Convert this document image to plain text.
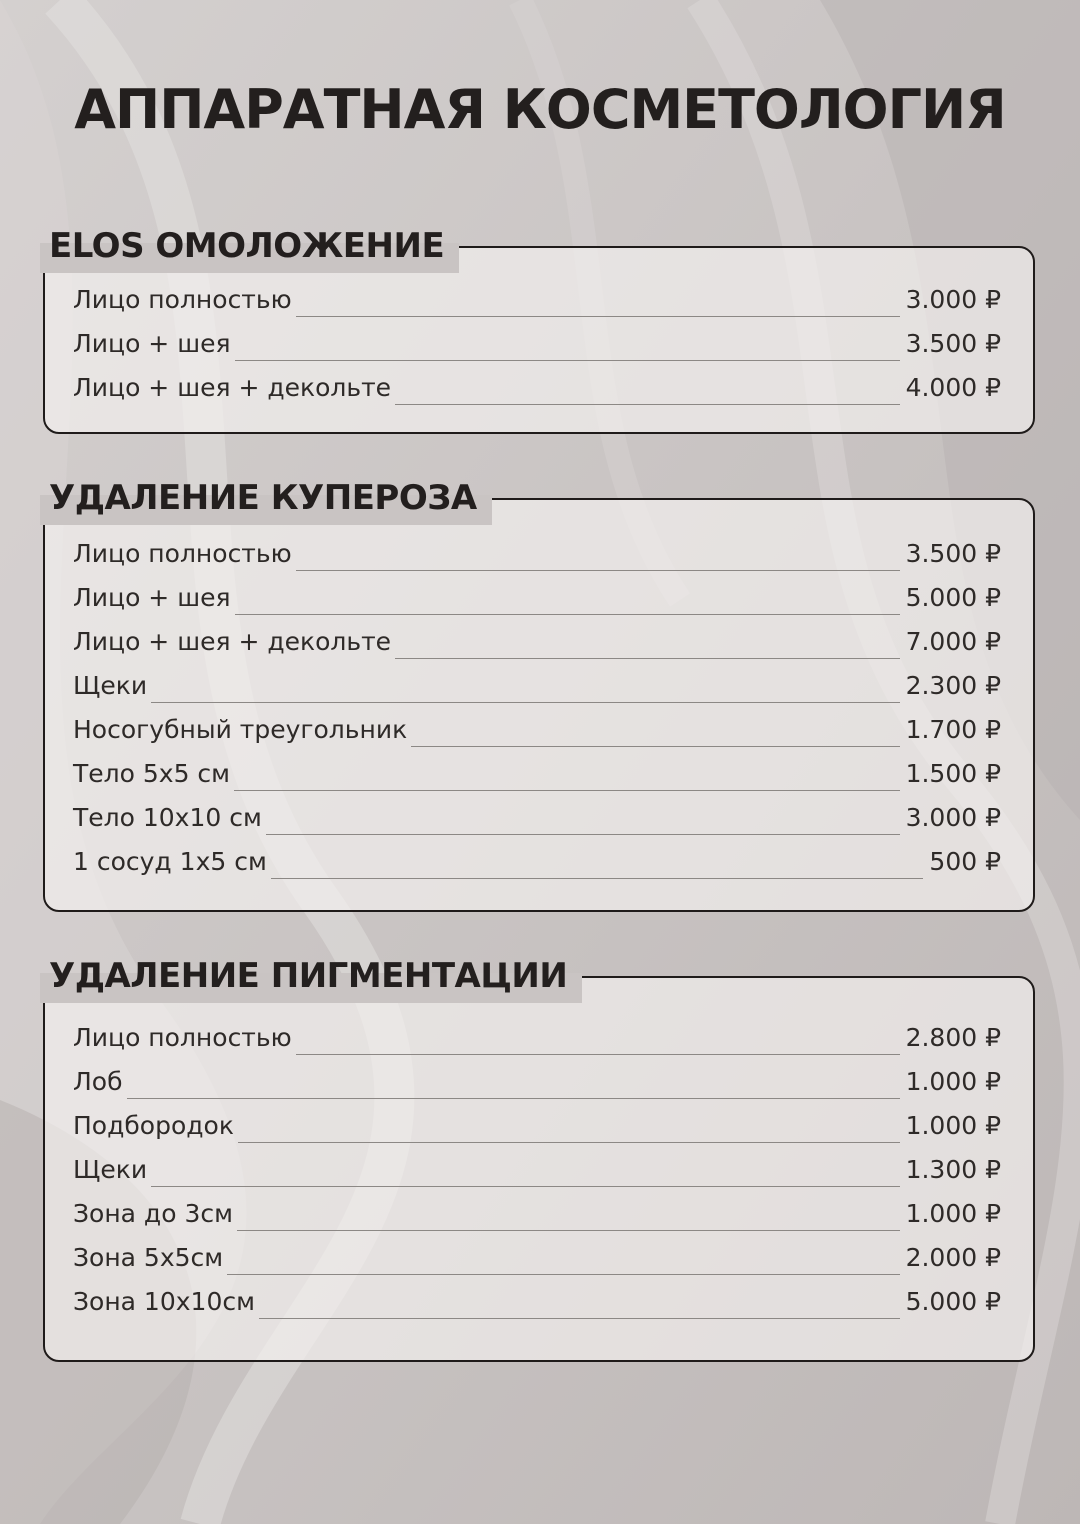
АППАРАТНАЯ КОСМЕТОЛОГИЯ
ELOS ОМОЛОЖЕНИЕ
Лицо полностью	3.000 ₽
Лицо + шея	3.500 ₽
Лицо + шея + декольте	4.000 ₽
УДАЛЕНИЕ КУПЕРОЗА
Лицо полностью	3.500 ₽
Лицо + шея	5.000 ₽
Лицо + шея + декольте	7.000 ₽
Щеки	2.300 ₽
Носогубный треугольник	1.700 ₽
Тело 5х5 см	1.500 ₽
Тело 10х10 см	3.000 ₽
1 сосуд 1х5 см	500 ₽
УДАЛЕНИЕ ПИГМЕНТАЦИИ
Лицо полностью	2.800 ₽
Лоб	1.000 ₽
Подбородок	1.000 ₽
Щеки	1.300 ₽
Зона до 3см	1.000 ₽
Зона 5х5см	2.000 ₽
Зона 10х10см	5.000 ₽
